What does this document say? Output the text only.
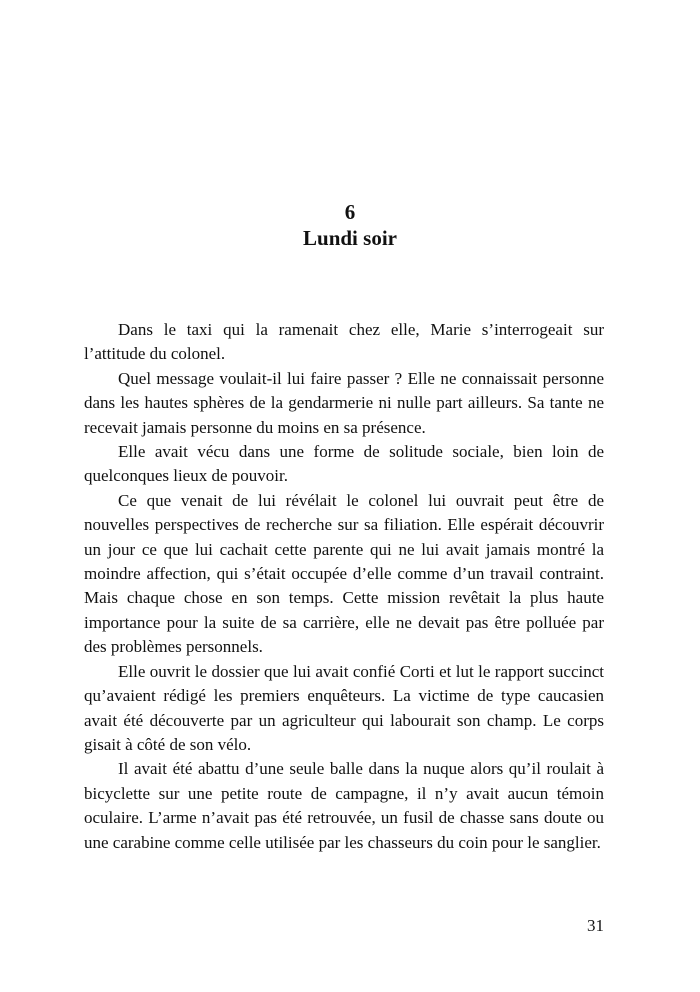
6
Lundi soir

Dans le taxi qui la ramenait chez elle, Marie s’interrogeait sur l’attitude du colonel.

Quel message voulait-il lui faire passer ? Elle ne connaissait personne dans les hautes sphères de la gendarmerie ni nulle part ailleurs. Sa tante ne recevait jamais personne du moins en sa présence.

Elle avait vécu dans une forme de solitude sociale, bien loin de quelconques lieux de pouvoir.

Ce que venait de lui révélait le colonel lui ouvrait peut être de nouvelles perspectives de recherche sur sa filiation. Elle espérait découvrir un jour ce que lui cachait cette parente qui ne lui avait jamais montré la moindre affection, qui s’était occupée d’elle comme d’un travail contraint. Mais chaque chose en son temps. Cette mission revêtait la plus haute importance pour la suite de sa carrière, elle ne devait pas être polluée par des problèmes personnels.

Elle ouvrit le dossier que lui avait confié Corti et lut le rapport succinct qu’avaient rédigé les premiers enquêteurs. La victime de type caucasien avait été découverte par un agriculteur qui labourait son champ. Le corps gisait à côté de son vélo.

Il avait été abattu d’une seule balle dans la nuque alors qu’il roulait à bicyclette sur une petite route de campagne, il n’y avait aucun témoin oculaire. L’arme n’avait pas été retrouvée, un fusil de chasse sans doute ou une carabine comme celle utilisée par les chasseurs du coin pour le sanglier.

31
